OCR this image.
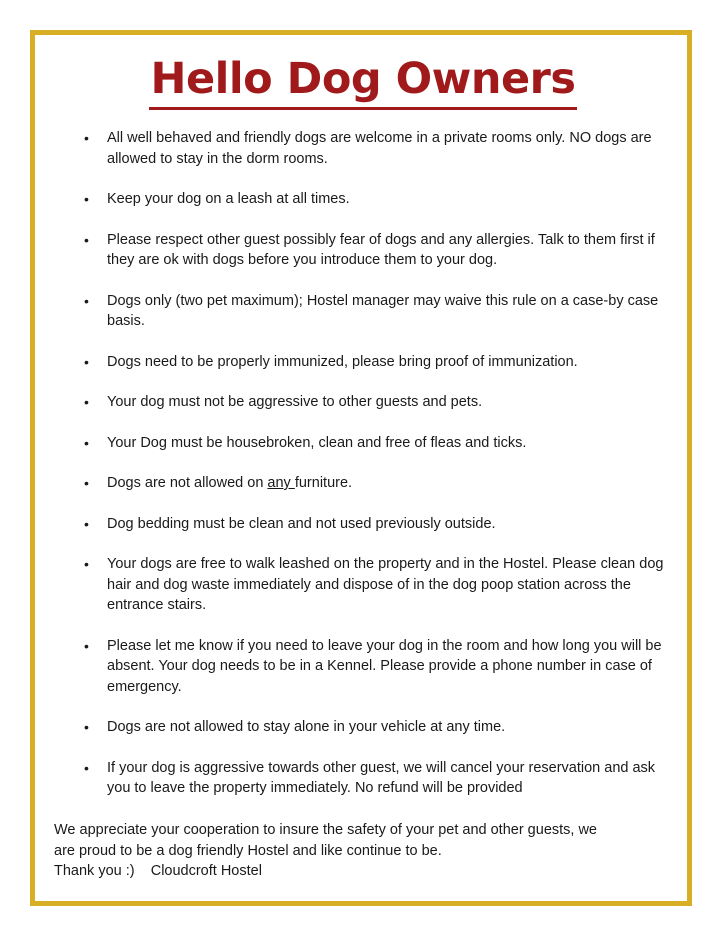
Hello Dog Owners
• All well behaved and friendly dogs are welcome in a private rooms only. NO dogs are allowed to stay in the dorm rooms.
• Keep your dog on a leash at all times.
• Please respect other guest possibly fear of dogs and any allergies. Talk to them first if they are ok with dogs before you introduce them to your dog.
• Dogs only (two pet maximum); Hostel manager may waive this rule on a case-by case basis.
• Dogs need to be properly immunized, please bring proof of immunization.
• Your dog must not be aggressive to other guests and pets.
• Your Dog must be housebroken, clean and free of fleas and ticks.
• Dogs are not allowed on any furniture.
• Dog bedding must be clean and not used previously outside.
• Your dogs are free to walk leashed on the property and in the Hostel. Please clean dog hair and dog waste immediately and dispose of in the dog poop station across the entrance stairs.
• Please let me know if you need to leave your dog in the room and how long you will be absent. Your dog needs to be in a Kennel. Please provide a phone number in case of emergency.
• Dogs are not allowed to stay alone in your vehicle at any time.
• If your dog is aggressive towards other guest, we will cancel your reservation and ask you to leave the property immediately. No refund will be provided

We appreciate your cooperation to insure the safety of your pet and other guests, we

are proud to be a dog friendly Hostel and like continue to be.

Thank you :) Cloudcroft Hostel
